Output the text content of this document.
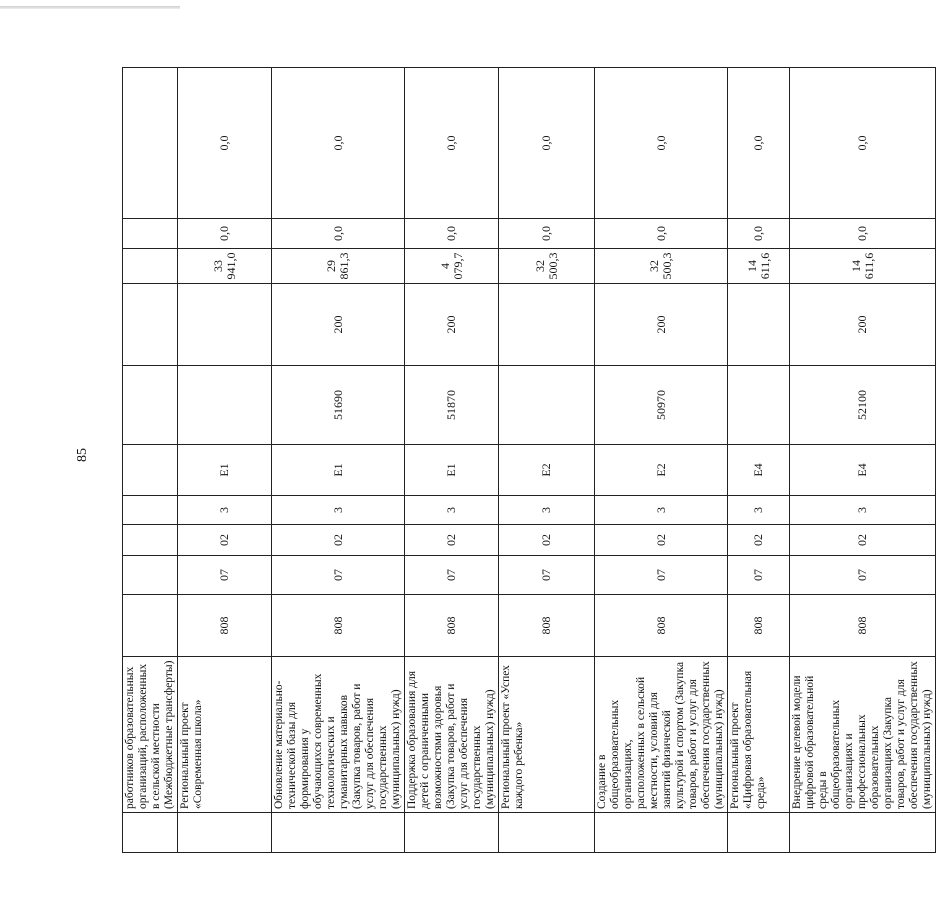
85
	работников образовательных организаций, расположенных в сельской местности (Межбюджетные трансферты)										
	Региональный проект «Современная школа»	808	07	02	3	E1			33 941,0	0,0	0,0
	Обновление материально-технической базы для формирования у обучающихся современных технологических и гуманитарных навыков (Закупка товаров, работ и услуг для обеспечения государственных (муниципальных) нужд)	808	07	02	3	E1	51690	200	29 861,3	0,0	0,0
	Поддержка образования для детей с ограниченными возможностями здоровья (Закупка товаров, работ и услуг для обеспечения государственных (муниципальных) нужд)	808	07	02	3	E1	51870	200	4 079,7	0,0	0,0
	Региональный проект «Успех каждого ребенка»	808	07	02	3	E2			32 500,3	0,0	0,0
	Создание в общеобразовательных организациях, расположенных в сельской местности, условий для занятий физической культурой и спортом (Закупка товаров, работ и услуг для обеспечения государственных (муниципальных) нужд)	808	07	02	3	E2	50970	200	32 500,3	0,0	0,0
	Региональный проект «Цифровая образовательная среда»	808	07	02	3	E4			14 611,6	0,0	0,0
	Внедрение целевой модели цифровой образовательной среды в общеобразовательных организациях и профессиональных образовательных организациях (Закупка товаров, работ и услуг для обеспечения государственных (муниципальных) нужд)	808	07	02	3	E4	52100	200	14 611,6	0,0	0,0
